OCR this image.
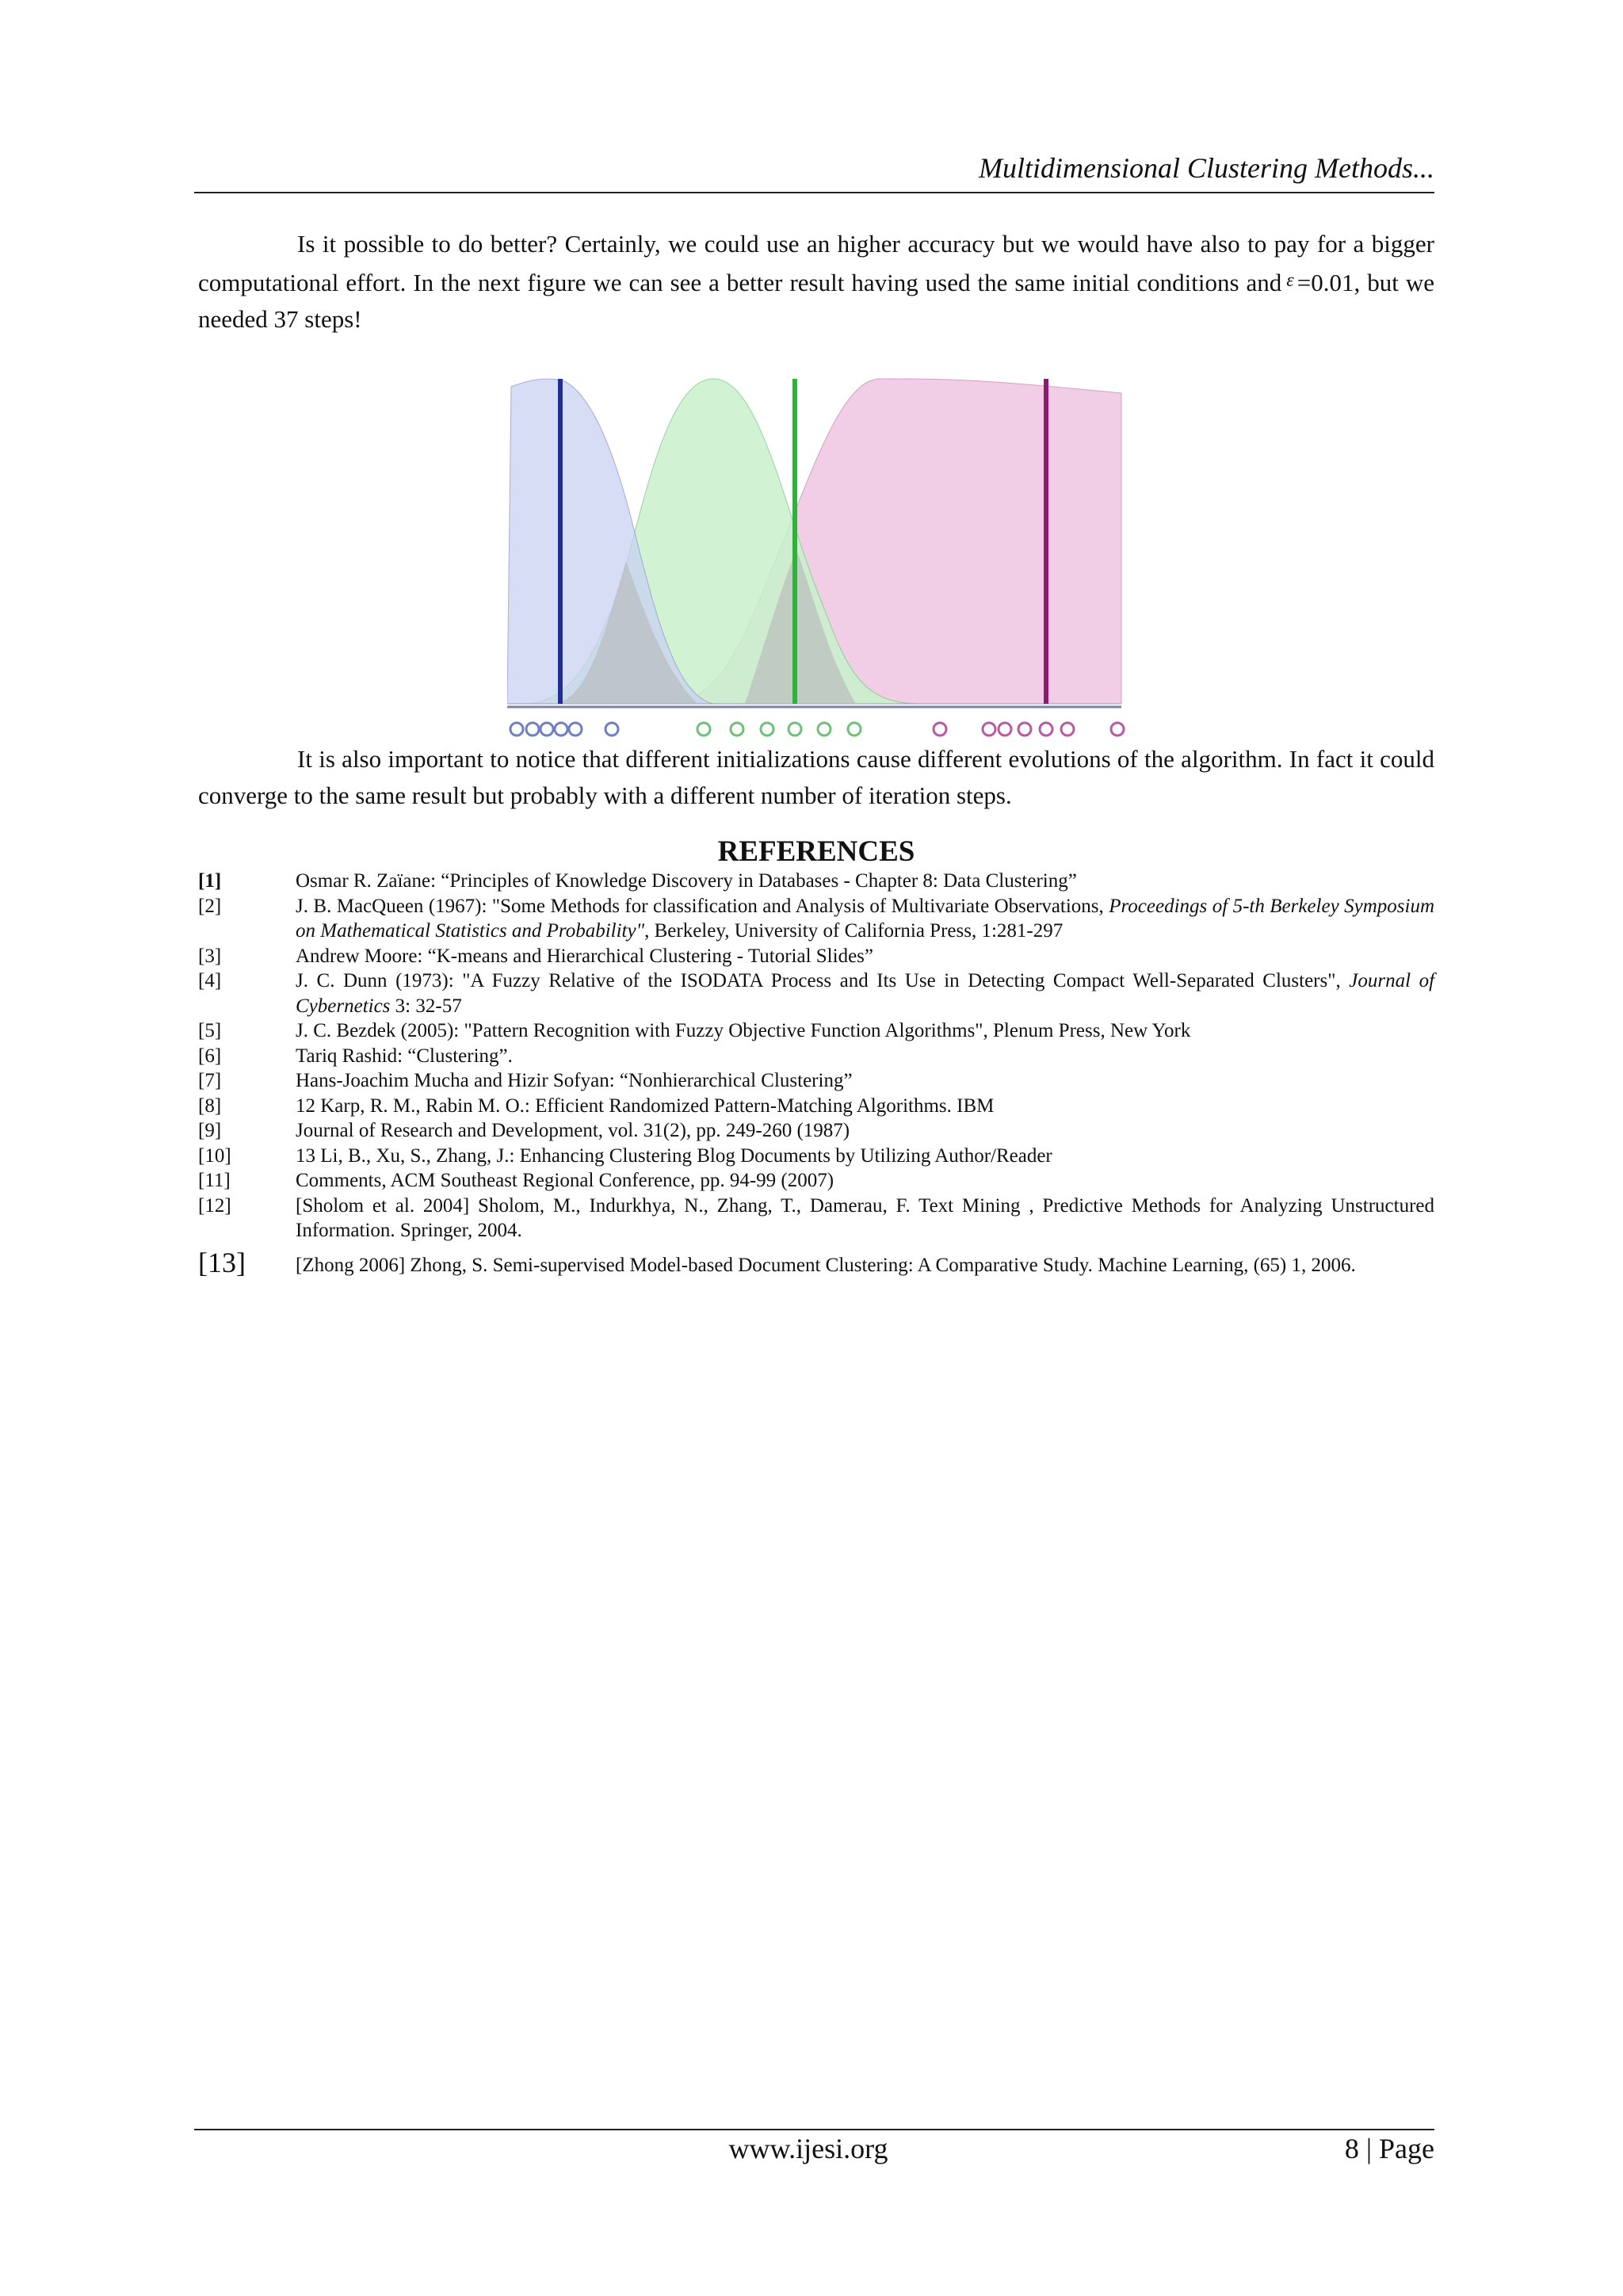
Multidimensional Clustering Methods...

Is it possible to do better? Certainly, we could use an higher accuracy but we would have also to pay for a bigger computational effort. In the next figure we can see a better result having used the same initial conditions and ε =0.01, but we needed 37 steps!

It is also important to notice that different initializations cause different evolutions of the algorithm. In fact it could converge to the same result but probably with a different number of iteration steps.

REFERENCES
[1]	Osmar R. Zaïane: “Principles of Knowledge Discovery in Databases - Chapter 8: Data Clustering”
[2]	J. B. MacQueen (1967): "Some Methods for classification and Analysis of Multivariate Observations, Proceedings of 5-th Berkeley Symposium on Mathematical Statistics and Probability", Berkeley, University of California Press, 1:281-297
[3]	Andrew Moore: “K-means and Hierarchical Clustering - Tutorial Slides”
[4]	J. C. Dunn (1973): "A Fuzzy Relative of the ISODATA Process and Its Use in Detecting Compact Well-Separated Clusters", Journal of Cybernetics 3: 32-57
[5]	J. C. Bezdek (2005): "Pattern Recognition with Fuzzy Objective Function Algorithms", Plenum Press, New York
[6]	Tariq Rashid: “Clustering”.
[7]	Hans-Joachim Mucha and Hizir Sofyan: “Nonhierarchical Clustering”
[8]	12 Karp, R. M., Rabin M. O.: Efficient Randomized Pattern-Matching Algorithms. IBM
[9]	Journal of Research and Development, vol. 31(2), pp. 249-260 (1987)
[10]	13 Li, B., Xu, S., Zhang, J.: Enhancing Clustering Blog Documents by Utilizing Author/Reader
[11]	Comments, ACM Southeast Regional Conference, pp. 94-99 (2007)
[12]	[Sholom et al. 2004] Sholom, M., Indurkhya, N., Zhang, T., Damerau, F. Text Mining , Predictive Methods for Analyzing Unstructured Information. Springer, 2004.
[13]	[Zhong 2006] Zhong, S. Semi-supervised Model-based Document Clustering: A Comparative Study. Machine Learning, (65) 1, 2006.
www.ijesi.org	8 | Page
